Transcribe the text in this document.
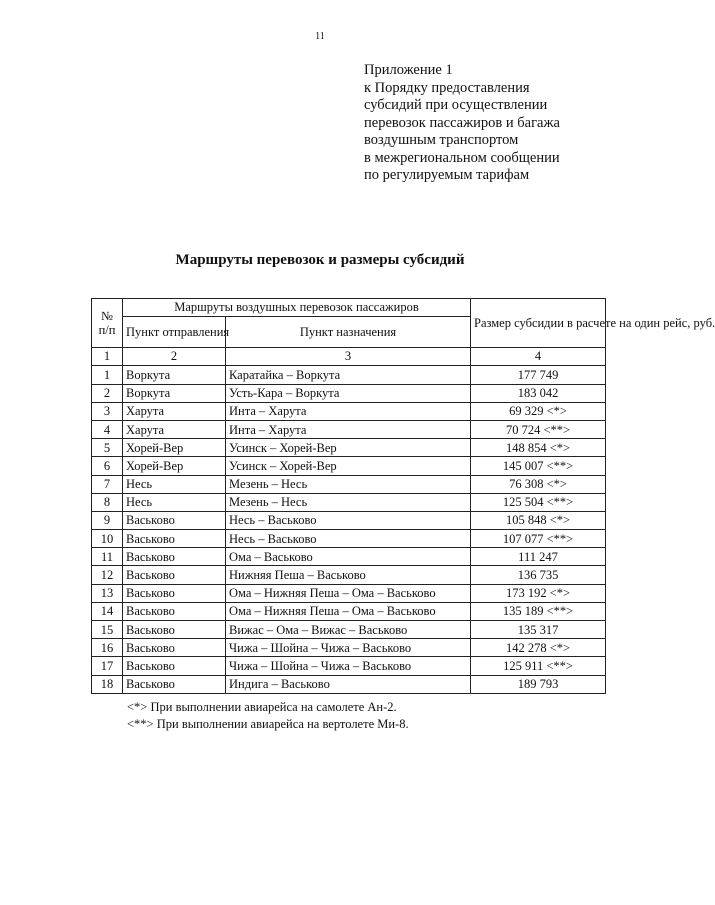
11
Приложение 1
к Порядку предоставления
субсидий при осуществлении
перевозок пассажиров и багажа
воздушным транспортом
в межрегиональном сообщении
по регулируемым тарифам
Маршруты перевозок и размеры субсидий
№ п/п	Маршруты воздушных перевозок пассажиров		Размер субсидии в расчете на один рейс, руб.
	Пункт отправления	Пункт назначения	
1	2	3	4
1	Воркута	Каратайка – Воркута	177 749
2	Воркута	Усть-Кара – Воркута	183 042
3	Харута	Инта – Харута	69 329 <*>
4	Харута	Инта – Харута	70 724 <**>
5	Хорей-Вер	Усинск – Хорей-Вер	148 854 <*>
6	Хорей-Вер	Усинск – Хорей-Вер	145 007 <**>
7	Несь	Мезень – Несь	76 308 <*>
8	Несь	Мезень – Несь	125 504 <**>
9	Васьково	Несь – Васьково	105 848 <*>
10	Васьково	Несь – Васьково	107 077 <**>
11	Васьково	Ома – Васьково	111 247
12	Васьково	Нижняя Пеша – Васьково	136 735
13	Васьково	Ома – Нижняя Пеша – Ома – Васьково	173 192 <*>
14	Васьково	Ома – Нижняя Пеша – Ома – Васьково	135 189 <**>
15	Васьково	Вижас – Ома – Вижас – Васьково	135 317
16	Васьково	Чижа – Шойна – Чижа – Васьково	142 278 <*>
17	Васьково	Чижа – Шойна – Чижа – Васьково	125 911 <**>
18	Васьково	Индига – Васьково	189 793
<*> При выполнении авиарейса на самолете Ан-2.
<**> При выполнении авиарейса на вертолете Ми-8.
